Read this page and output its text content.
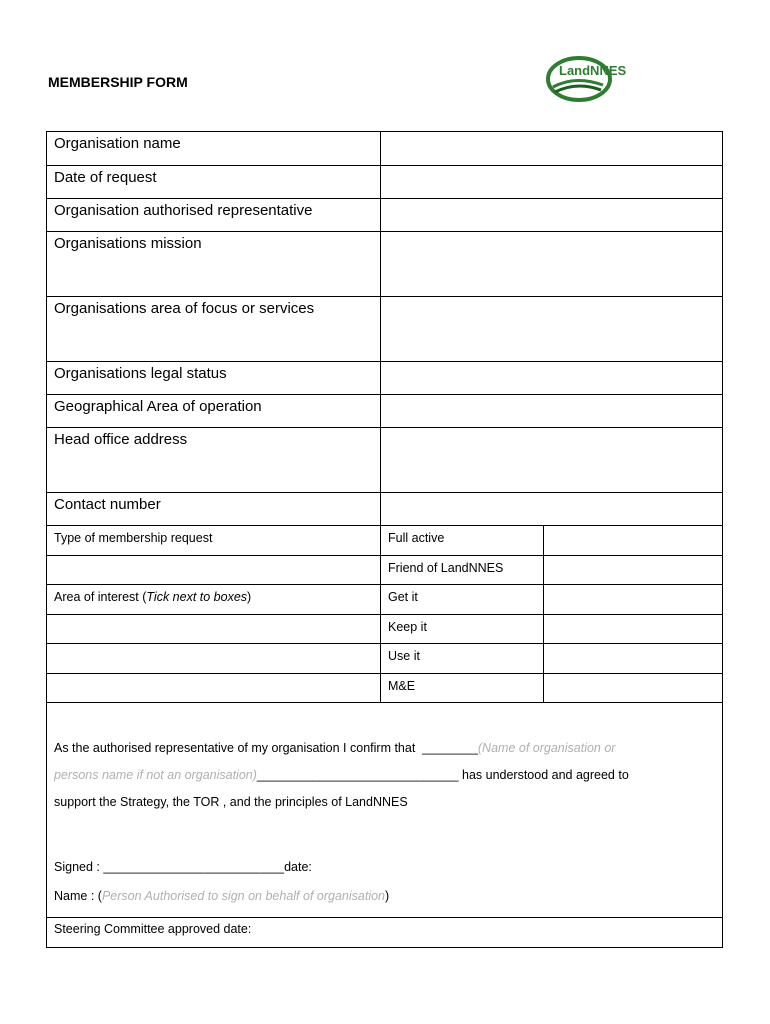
MEMBERSHIP FORM
LandNNES
Organisation name
Date of request
Organisation authorised representative
Organisations mission
Organisations area of focus or services
Organisations legal status
Geographical Area of operation
Head office address
Contact number
Type of membership request	Full active
Friend of LandNNES
Area of interest (Tick next to boxes)	Get it
Keep it
Use it
M&E
As the authorised representative of my organisation I confirm that ________(Name of organisation or
persons name if not an organisation)_____________________________ has understood and agreed to
support the Strategy, the TOR , and the principles of LandNNES
Signed : __________________________date:
Name : (Person Authorised to sign on behalf of organisation)
Steering Committee approved date:
